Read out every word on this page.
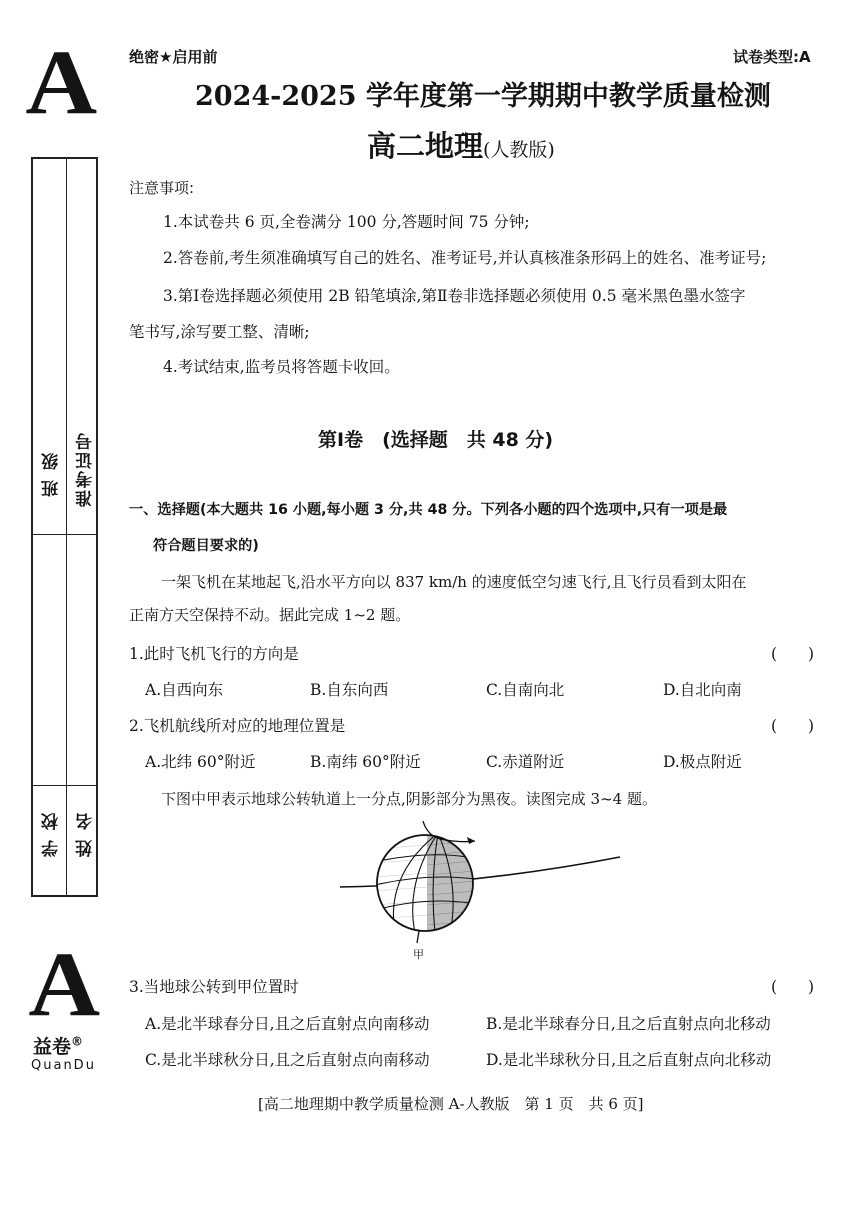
A 绝密★启用前	试卷类型:A
2024-2025 学年度第一学期期中教学质量检测
高二地理(人教版)
班 级 准考证号
学 校 姓 名
注意事项:
1.本试卷共 6 页,全卷满分 100 分,答题时间 75 分钟;
2.答卷前,考生须准确填写自己的姓名、准考证号,并认真核准条形码上的姓名、准考证号;
3.第Ⅰ卷选择题必须使用 2B 铅笔填涂,第Ⅱ卷非选择题必须使用 0.5 毫米黑色墨水签字
笔书写,涂写要工整、清晰;
4.考试结束,监考员将答题卡收回。
第Ⅰ卷　(选择题　共 48 分)
一、选择题(本大题共 16 小题,每小题 3 分,共 48 分。下列各小题的四个选项中,只有一项是最
符合题目要求的)
一架飞机在某地起飞,沿水平方向以 837 km/h 的速度低空匀速飞行,且飞行员看到太阳在
正南方天空保持不动。据此完成 1~2 题。
1.此时飞机飞行的方向是	(　　)
A.自西向东	B.自东向西	C.自南向北	D.自北向南
2.飞机航线所对应的地理位置是	(　　)
A.北纬 60°附近	B.南纬 60°附近	C.赤道附近	D.极点附近
下图中甲表示地球公转轨道上一分点,阴影部分为黑夜。读图完成 3~4 题。
甲
3.当地球公转到甲位置时	(　　)
A.是北半球春分日,且之后直射点向南移动	B.是北半球春分日,且之后直射点向北移动
C.是北半球秋分日,且之后直射点向南移动	D.是北半球秋分日,且之后直射点向北移动
A
益卷®
QuanDu
[高二地理期中教学质量检测 A-人教版　第 1 页　共 6 页]
